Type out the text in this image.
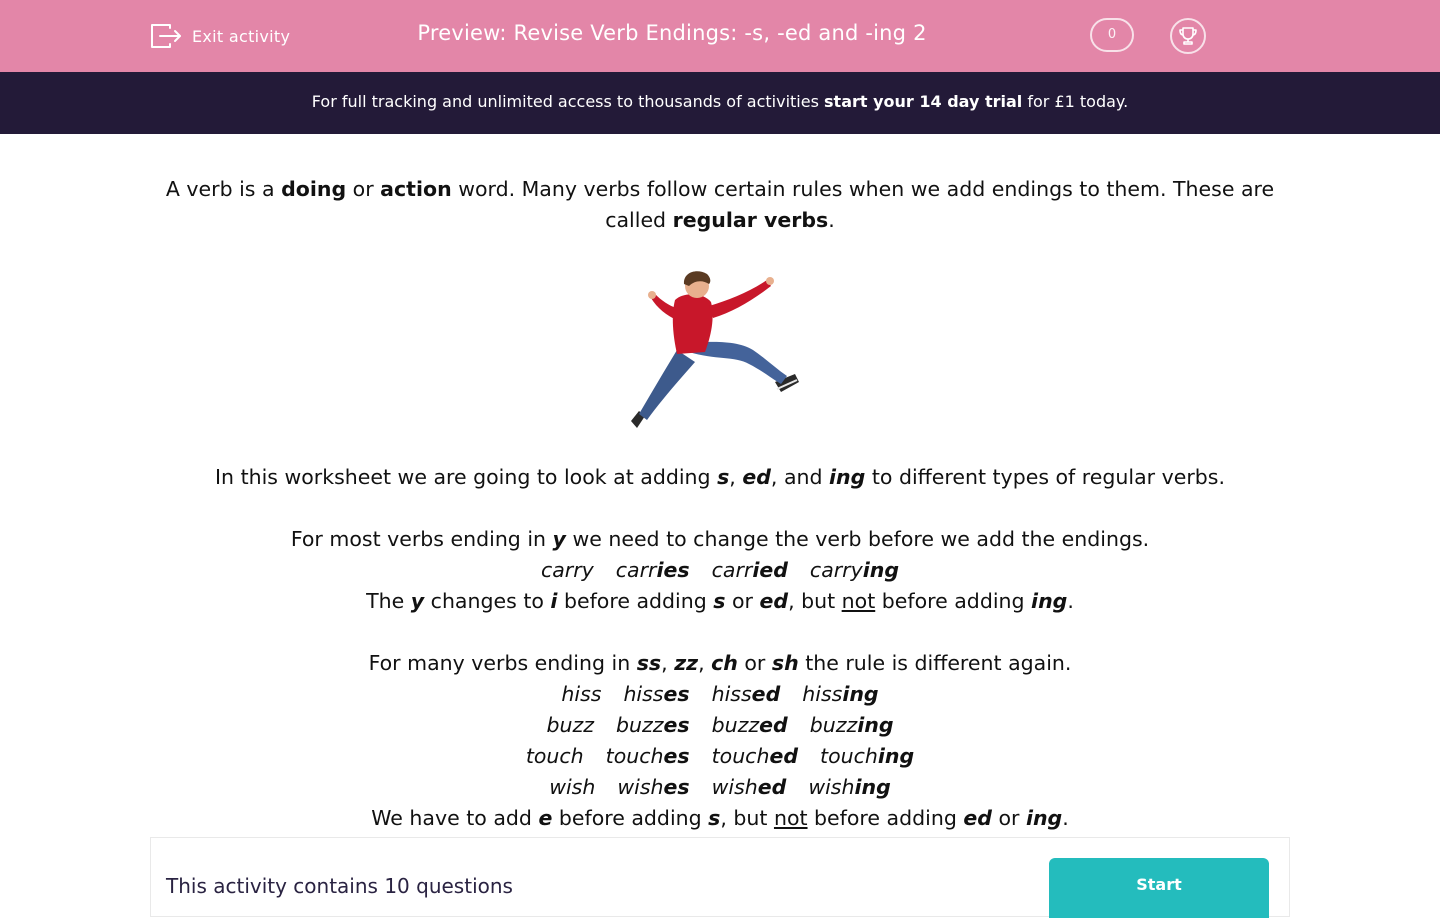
Exit activity	Preview: Revise Verb Endings: -s, -ed and -ing 2	0
For full tracking and unlimited access to thousands of activities start your 14 day trial for £1 today.

A verb is a doing or action word. Many verbs follow certain rules when we add endings to them. These are called regular verbs.

In this worksheet we are going to look at adding s, ed, and ing to different types of regular verbs.

For most verbs ending in y we need to change the verb before we add the endings.

carry carries carried carrying

The y changes to i before adding s or ed, but not before adding ing.

For many verbs ending in ss, zz, ch or sh the rule is different again.

hiss hisses hissed hissing

buzz buzzes buzzed buzzing

touch touches touched touching

wish wishes wished wishing

We have to add e before adding s, but not before adding ed or ing.

This activity contains 10 questions	Start
